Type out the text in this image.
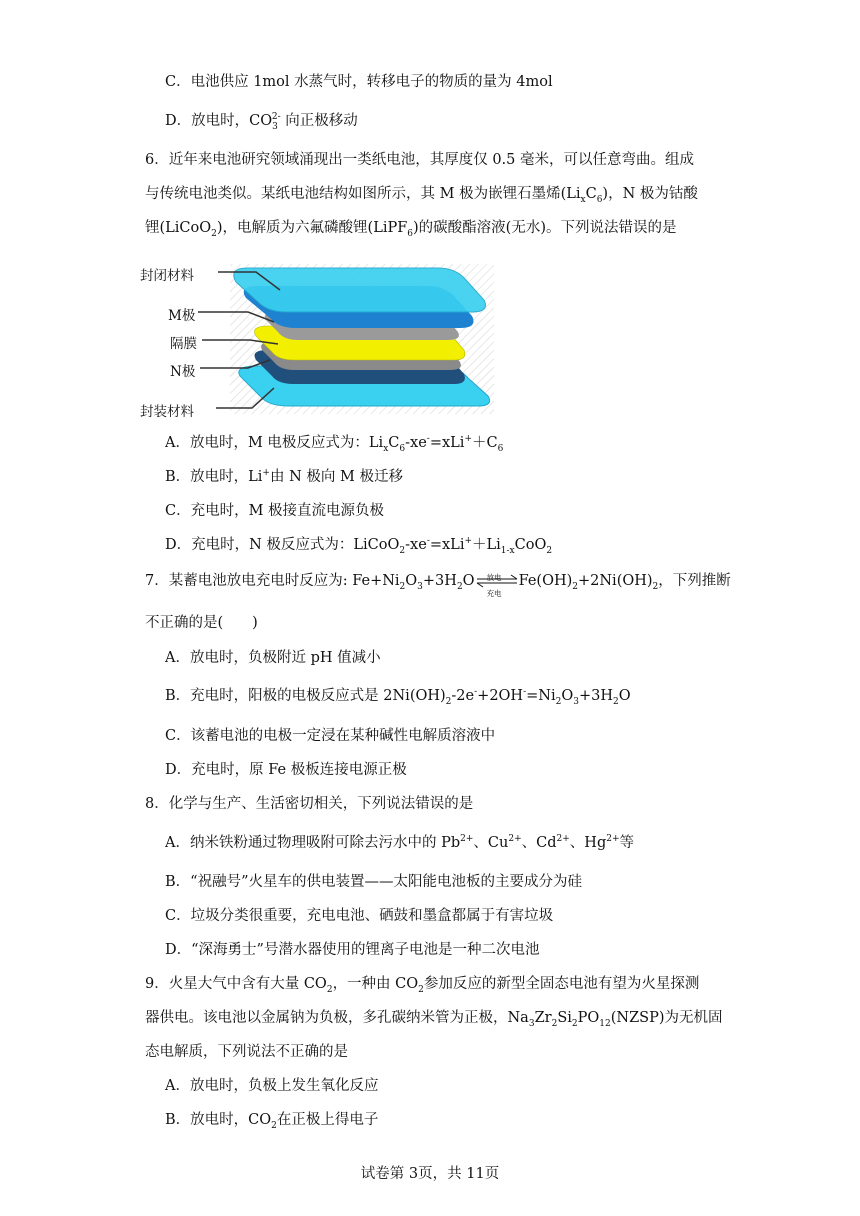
C．电池供应 1mol 水蒸气时，转移电子的物质的量为 4mol
D．放电时，$CO_3^{2-}$ 向正极移动
6．近年来电池研究领域涌现出一类纸电池，其厚度仅 0.5 毫米，可以任意弯曲。组成
与传统电池类似。某纸电池结构如图所示，其 M 极为嵌锂石墨烯$(Li_xC_6)$，N 极为钴酸
锂(LiCoO$_2$)，电解质为六氟磷酸锂(LiPF$_6$)的碳酸酯溶液(无水)。下列说法错误的是
封闭材料
M极
隔膜
N极
封装材料
A．放电时，M 电极反应式为：$Li_xC_6-xe^-=xLi^++C_6$
B．放电时，Li+由 N 极向 M 极迁移
C．充电时，M 极接直流电源负极
D．充电时，N 极反应式为：$LiCoO_2-xe^-=xLi^++Li_{1-x}CoO_2$
7．某蓄电池放电充电时反应为: $Fe+Ni_2O_3+3H_2O$ 放电
充电
$Fe(OH)_2+2Ni(OH)_2$，下列推断
不正确的是(　　)
A．放电时，负极附近 pH 值减小
B．充电时，阳极的电极反应式是 $2Ni(OH)_2-2e^-+2OH^-=Ni_2O_3+3H_2O$
C．该蓄电池的电极一定浸在某种碱性电解质溶液中
D．充电时，原 Fe 极板连接电源正极
8．化学与生产、生活密切相关，下列说法错误的是
A．纳米铁粉通过物理吸附可除去污水中的 $Pb^{2+}$、$Cu^{2+}$、$Cd^{2+}$、$Hg^{2+}$等
B．“祝融号”火星车的供电装置——太阳能电池板的主要成分为硅
C．垃圾分类很重要，充电电池、硒鼓和墨盒都属于有害垃圾
D．“深海勇士”号潜水器使用的锂离子电池是一种二次电池
9．火星大气中含有大量 $CO_2$，一种由 $CO_2$参加反应的新型全固态电池有望为火星探测
器供电。该电池以金属钠为负极，多孔碳纳米管为正极，$Na_3Zr_2Si_2PO_{12}(NZSP)$为无机固
态电解质，下列说法不正确的是
A．放电时，负极上发生氧化反应
B．放电时，$CO_2$在正极上得电子
试卷第 3页，共 11页
